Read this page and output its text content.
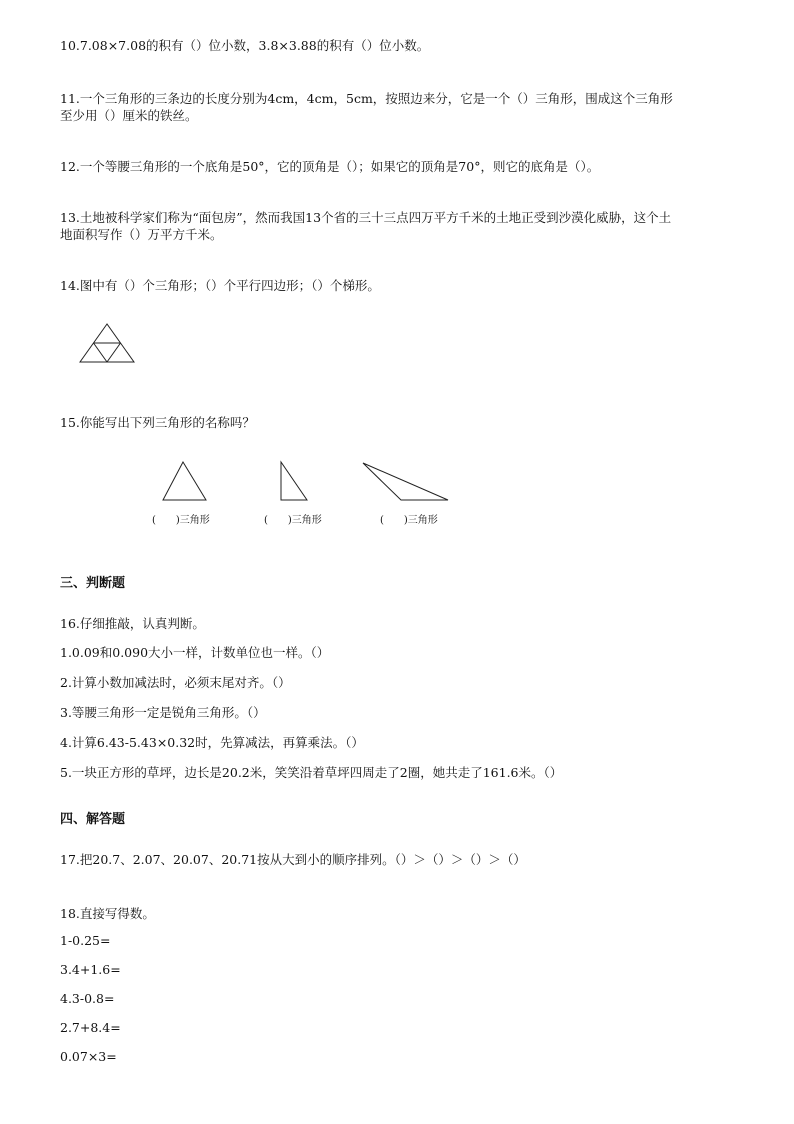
10.7.08×7.08的积有（）位小数，3.8×3.88的积有（）位小数。
11.一个三角形的三条边的长度分别为4cm，4cm，5cm，按照边来分，它是一个（）三角形，围成这个三角形
至少用（）厘米的铁丝。
12.一个等腰三角形的一个底角是50°，它的顶角是（）；如果它的顶角是70°，则它的底角是（）。
13.土地被科学家们称为“面包房”，然而我国13个省的三十三点四万平方千米的土地正受到沙漠化威胁，这个土
地面积写作（）万平方千米。
14.图中有（）个三角形；（）个平行四边形；（）个梯形。
15.你能写出下列三角形的名称吗？
(　　)三角形	(　　)三角形	(　　)三角形
三、判断题
16.仔细推敲，认真判断。
1.0.09和0.090大小一样，计数单位也一样。（）
2.计算小数加减法时，必须末尾对齐。（）
3.等腰三角形一定是锐角三角形。（）
4.计算6.43-5.43×0.32时，先算减法，再算乘法。（）
5.一块正方形的草坪，边长是20.2米，笑笑沿着草坪四周走了2圈，她共走了161.6米。（）
四、解答题
17.把20.7、2.07、20.07、20.71按从大到小的顺序排列。（）＞（）＞（）＞（）
18.直接写得数。
1-0.25=
3.4+1.6=
4.3-0.8=
2.7+8.4=
0.07×3=
